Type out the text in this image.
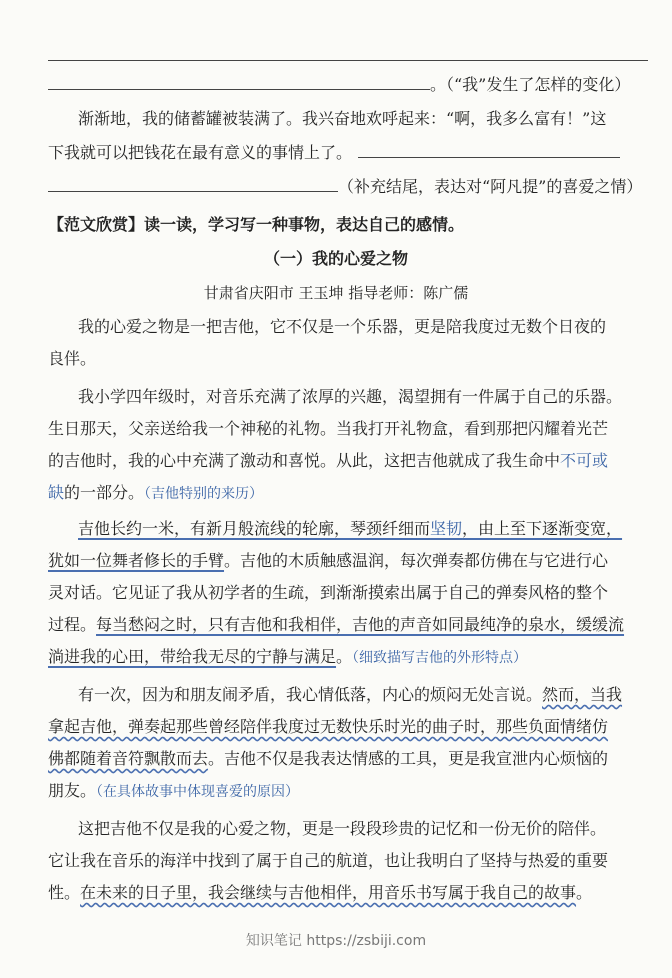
。（“我”发生了怎样的变化）
渐渐地，我的储蓄罐被装满了。我兴奋地欢呼起来：“啊，我多么富有！”这
下我就可以把钱花在最有意义的事情上了。
（补充结尾，表达对“阿凡提”的喜爱之情）
【范文欣赏】读一读，学习写一种事物，表达自己的感情。
（一）我的心爱之物
甘肃省庆阳市 王玉坤 指导老师：陈广儒
我的心爱之物是一把吉他，它不仅是一个乐器，更是陪我度过无数个日夜的
良伴。
我小学四年级时，对音乐充满了浓厚的兴趣，渴望拥有一件属于自己的乐器。
生日那天，父亲送给我一个神秘的礼物。当我打开礼物盒，看到那把闪耀着光芒
的吉他时，我的心中充满了激动和喜悦。从此，这把吉他就成了我生命中不可或
缺的一部分。（吉他特别的来历）
吉他长约一米，有新月般流线的轮廓，琴颈纤细而坚韧，由上至下逐渐变宽，
犹如一位舞者修长的手臂。吉他的木质触感温润，每次弹奏都仿佛在与它进行心
灵对话。它见证了我从初学者的生疏，到渐渐摸索出属于自己的弹奏风格的整个
过程。每当愁闷之时，只有吉他和我相伴，吉他的声音如同最纯净的泉水，缓缓流
淌进我的心田，带给我无尽的宁静与满足。（细致描写吉他的外形特点）
有一次，因为和朋友闹矛盾，我心情低落，内心的烦闷无处言说。然而，当我
拿起吉他，弹奏起那些曾经陪伴我度过无数快乐时光的曲子时，那些负面情绪仿
佛都随着音符飘散而去。吉他不仅是我表达情感的工具，更是我宣泄内心烦恼的
朋友。（在具体故事中体现喜爱的原因）
这把吉他不仅是我的心爱之物，更是一段段珍贵的记忆和一份无价的陪伴。
它让我在音乐的海洋中找到了属于自己的航道，也让我明白了坚持与热爱的重要
性。在未来的日子里，我会继续与吉他相伴，用音乐书写属于我自己的故事。
知识笔记 https://zsbiji.com
